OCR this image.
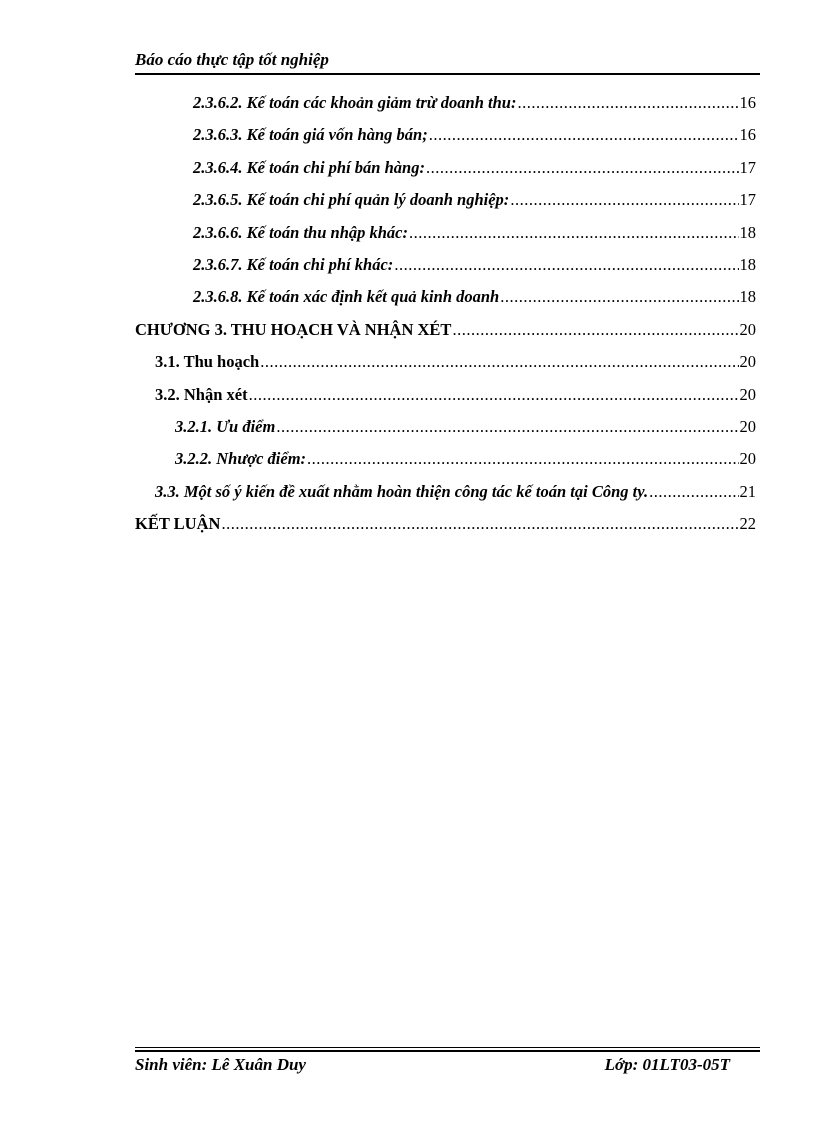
Báo cáo thực tập tốt nghiệp
2.3.6.2. Kế toán các khoản giảm trừ doanh thu: .....	16
2.3.6.3. Kế toán giá vốn hàng bán; .....	16
2.3.6.4. Kế toán chi phí bán hàng: .....	17
2.3.6.5. Kế toán chi phí quản lý doanh nghiệp: .....	17
2.3.6.6. Kế toán thu nhập khác: .....	18
2.3.6.7. Kế toán chi phí khác: .....	18
2.3.6.8. Kế toán xác định kết quả kinh doanh .....	18
CHƯƠNG 3. THU HOẠCH VÀ NHẬN XÉT .....	20
3.1. Thu hoạch .....	20
3.2. Nhận xét .....	20
3.2.1. Ưu điểm .....	20
3.2.2. Nhược điểm: .....	20
3.3. Một số ý kiến đề xuất nhằm hoàn thiện công tác kế toán tại Công ty. .....	21
KẾT LUẬN .....	22
Sinh viên: Lê Xuân Duy	Lớp: 01LT03-05T
